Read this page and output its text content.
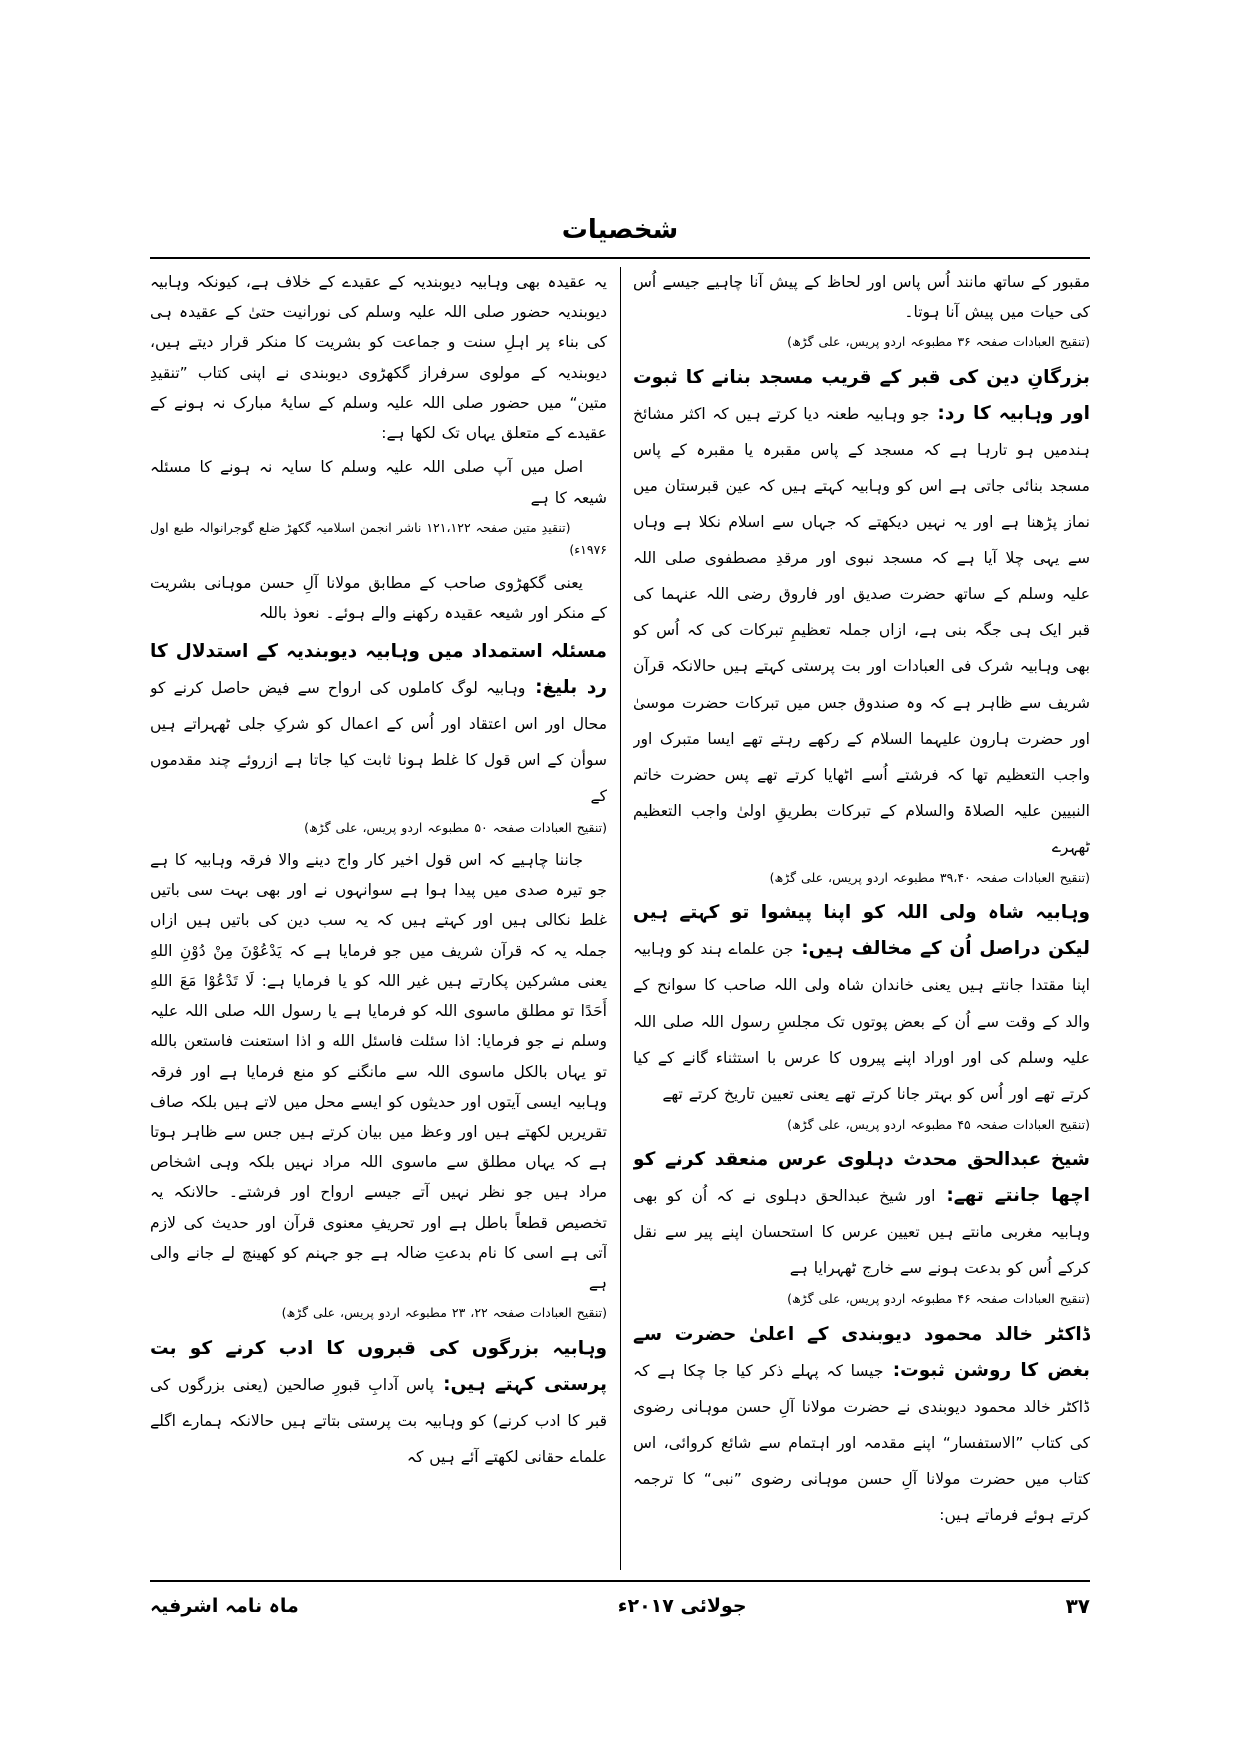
شخصیات

مقبور کے ساتھ مانند اُس پاس اور لحاظ کے پیش آنا چاہیے جیسے اُس کی حیات میں پیش آنا ہوتا۔

(تنقیح العبادات صفحہ ۳۶ مطبوعہ اردو پریس، علی گڑھ)

بزرگانِ دین کی قبر کے قریب مسجد بنانے کا ثبوت اور وہابیہ کا رد: جو وہابیہ طعنہ دیا کرتے ہیں کہ اکثر مشائخ ہندمیں ہو تارہا ہے کہ مسجد کے پاس مقبرہ یا مقبرہ کے پاس مسجد بنائی جاتی ہے اس کو وہابیہ کہتے ہیں کہ عین قبرستان میں نماز پڑھنا ہے اور یہ نہیں دیکھتے کہ جہاں سے اسلام نکلا ہے وہاں سے یہی چلا آیا ہے کہ مسجد نبوی اور مرقدِ مصطفوی صلی اللہ علیہ وسلم کے ساتھ حضرت صدیق اور فاروق رضی اللہ عنہما کی قبر ایک ہی جگہ بنی ہے، ازاں جملہ تعظیمِ تبرکات کی کہ اُس کو بھی وہابیہ شرک فی العبادات اور بت پرستی کہتے ہیں حالانکہ قرآن شریف سے ظاہر ہے کہ وہ صندوق جس میں تبرکات حضرت موسیٰ اور حضرت ہارون علیہما السلام کے رکھے رہتے تھے ایسا متبرک اور واجب التعظیم تھا کہ فرشتے اُسے اٹھایا کرتے تھے پس حضرت خاتم النبیین علیہ الصلاۃ والسلام کے تبرکات بطریقِ اولیٰ واجب التعظیم ٹھہرے

(تنقیح العبادات صفحہ ۳۹،۴۰ مطبوعہ اردو پریس، علی گڑھ)

وہابیہ شاہ ولی اللہ کو اپنا پیشوا تو کہتے ہیں لیکن دراصل اُن کے مخالف ہیں: جن علماے ہند کو وہابیہ اپنا مقتدا جانتے ہیں یعنی خاندان شاہ ولی اللہ صاحب کا سوانح کے والد کے وقت سے اُن کے بعض پوتوں تک مجلسِ رسول اللہ صلی اللہ علیہ وسلم کی اور اوراد اپنے پیروں کا عرس با استثناء گانے کے کیا کرتے تھے اور اُس کو بہتر جانا کرتے تھے یعنی تعیین تاریخ کرتے تھے

(تنقیح العبادات صفحہ ۴۵ مطبوعہ اردو پریس، علی گڑھ)

شیخ عبدالحق محدث دہلوی عرس منعقد کرنے کو اچھا جانتے تھے: اور شیخ عبدالحق دہلوی نے کہ اُن کو بھی وہابیہ مغربی مانتے ہیں تعیین عرس کا استحسان اپنے پیر سے نقل کرکے اُس کو بدعت ہونے سے خارج ٹھہرایا ہے

(تنقیح العبادات صفحہ ۴۶ مطبوعہ اردو پریس، علی گڑھ)

ڈاکٹر خالد محمود دیوبندی کے اعلیٰ حضرت سے بغض کا روشن ثبوت: جیسا کہ پہلے ذکر کیا جا چکا ہے کہ ڈاکٹر خالد محمود دیوبندی نے حضرت مولانا آلِ حسن موہانی رضوی کی کتاب ”الاستفسار“ اپنے مقدمہ اور اہتمام سے شائع کروائی، اس کتاب میں حضرت مولانا آلِ حسن موہانی رضوی ”نبی“ کا ترجمہ کرتے ہوئے فرماتے ہیں:

یہ عقیدہ بھی وہابیہ دیوبندیہ کے عقیدے کے خلاف ہے، کیونکہ وہابیہ دیوبندیہ حضور صلی اللہ علیہ وسلم کی نورانیت حتیٰ کے عقیدہ ہی کی بناء پر اہلِ سنت و جماعت کو بشریت کا منکر قرار دیتے ہیں، دیوبندیہ کے مولوی سرفراز گکھڑوی دیوبندی نے اپنی کتاب ”تنقیدِ متین“ میں حضور صلی اللہ علیہ وسلم کے سایۂ مبارک نہ ہونے کے عقیدے کے متعلق یہاں تک لکھا ہے:

اصل میں آپ صلی اللہ علیہ وسلم کا سایہ نہ ہونے کا مسئلہ شیعہ کا ہے

(تنقیدِ متین صفحہ ۱۲۱،۱۲۲ ناشر انجمن اسلامیہ گکھڑ ضلع گوجرانوالہ طبع اول ۱۹۷۶ء)

یعنی گکھڑوی صاحب کے مطابق مولانا آلِ حسن موہانی بشریت کے منکر اور شیعہ عقیدہ رکھنے والے ہوئے۔ نعوذ باللہ

مسئلہ استمداد میں وہابیہ دیوبندیہ کے استدلال کا رد بلیغ: وہابیہ لوگ کاملوں کی ارواح سے فیض حاصل کرنے کو محال اور اس اعتقاد اور اُس کے اعمال کو شرکِ جلی ٹھہراتے ہیں سوأن کے اس قول کا غلط ہونا ثابت کیا جاتا ہے ازروئے چند مقدموں کے

(تنقیح العبادات صفحہ ۵۰ مطبوعہ اردو پریس، علی گڑھ)

جاننا چاہیے کہ اس قول اخیر کار واج دینے والا فرقہ وہابیہ کا ہے جو تیرہ صدی میں پیدا ہوا ہے سوانہوں نے اور بھی بہت سی باتیں غلط نکالی ہیں اور کہتے ہیں کہ یہ سب دین کی باتیں ہیں ازاں جملہ یہ کہ قرآن شریف میں جو فرمایا ہے کہ یَدْعُوْنَ مِنْ دُوْنِ اللهِ یعنی مشرکین پکارتے ہیں غیر اللہ کو یا فرمایا ہے: لَا تَدْعُوْا مَعَ اللهِ أَحَدًا تو مطلق ماسوی اللہ کو فرمایا ہے یا رسول اللہ صلی اللہ علیہ وسلم نے جو فرمایا: اذا سئلت فاسئل الله و اذا استعنت فاستعن بالله تو یہاں بالکل ماسوی اللہ سے مانگنے کو منع فرمایا ہے اور فرقہ وہابیہ ایسی آیتوں اور حدیثوں کو ایسے محل میں لاتے ہیں بلکہ صاف تقریریں لکھتے ہیں اور وعظ میں بیان کرتے ہیں جس سے ظاہر ہوتا ہے کہ یہاں مطلق سے ماسوی اللہ مراد نہیں بلکہ وہی اشخاص مراد ہیں جو نظر نہیں آتے جیسے ارواح اور فرشتے۔ حالانکہ یہ تخصیص قطعاً باطل ہے اور تحریفِ معنوی قرآن اور حدیث کی لازم آتی ہے اسی کا نام بدعتِ ضالہ ہے جو جہنم کو کھینچ لے جانے والی ہے

(تنقیح العبادات صفحہ ۲۲، ۲۳ مطبوعہ اردو پریس، علی گڑھ)

وہابیہ بزرگوں کی قبروں کا ادب کرنے کو بت پرستی کہتے ہیں: پاس آدابِ قبورِ صالحین (یعنی بزرگوں کی قبر کا ادب کرنے) کو وہابیہ بت پرستی بتاتے ہیں حالانکہ ہمارے اگلے علماے حقانی لکھتے آئے ہیں کہ

۳۷
جولائی ۲۰۱۷ء
ماہ نامہ اشرفیہ
